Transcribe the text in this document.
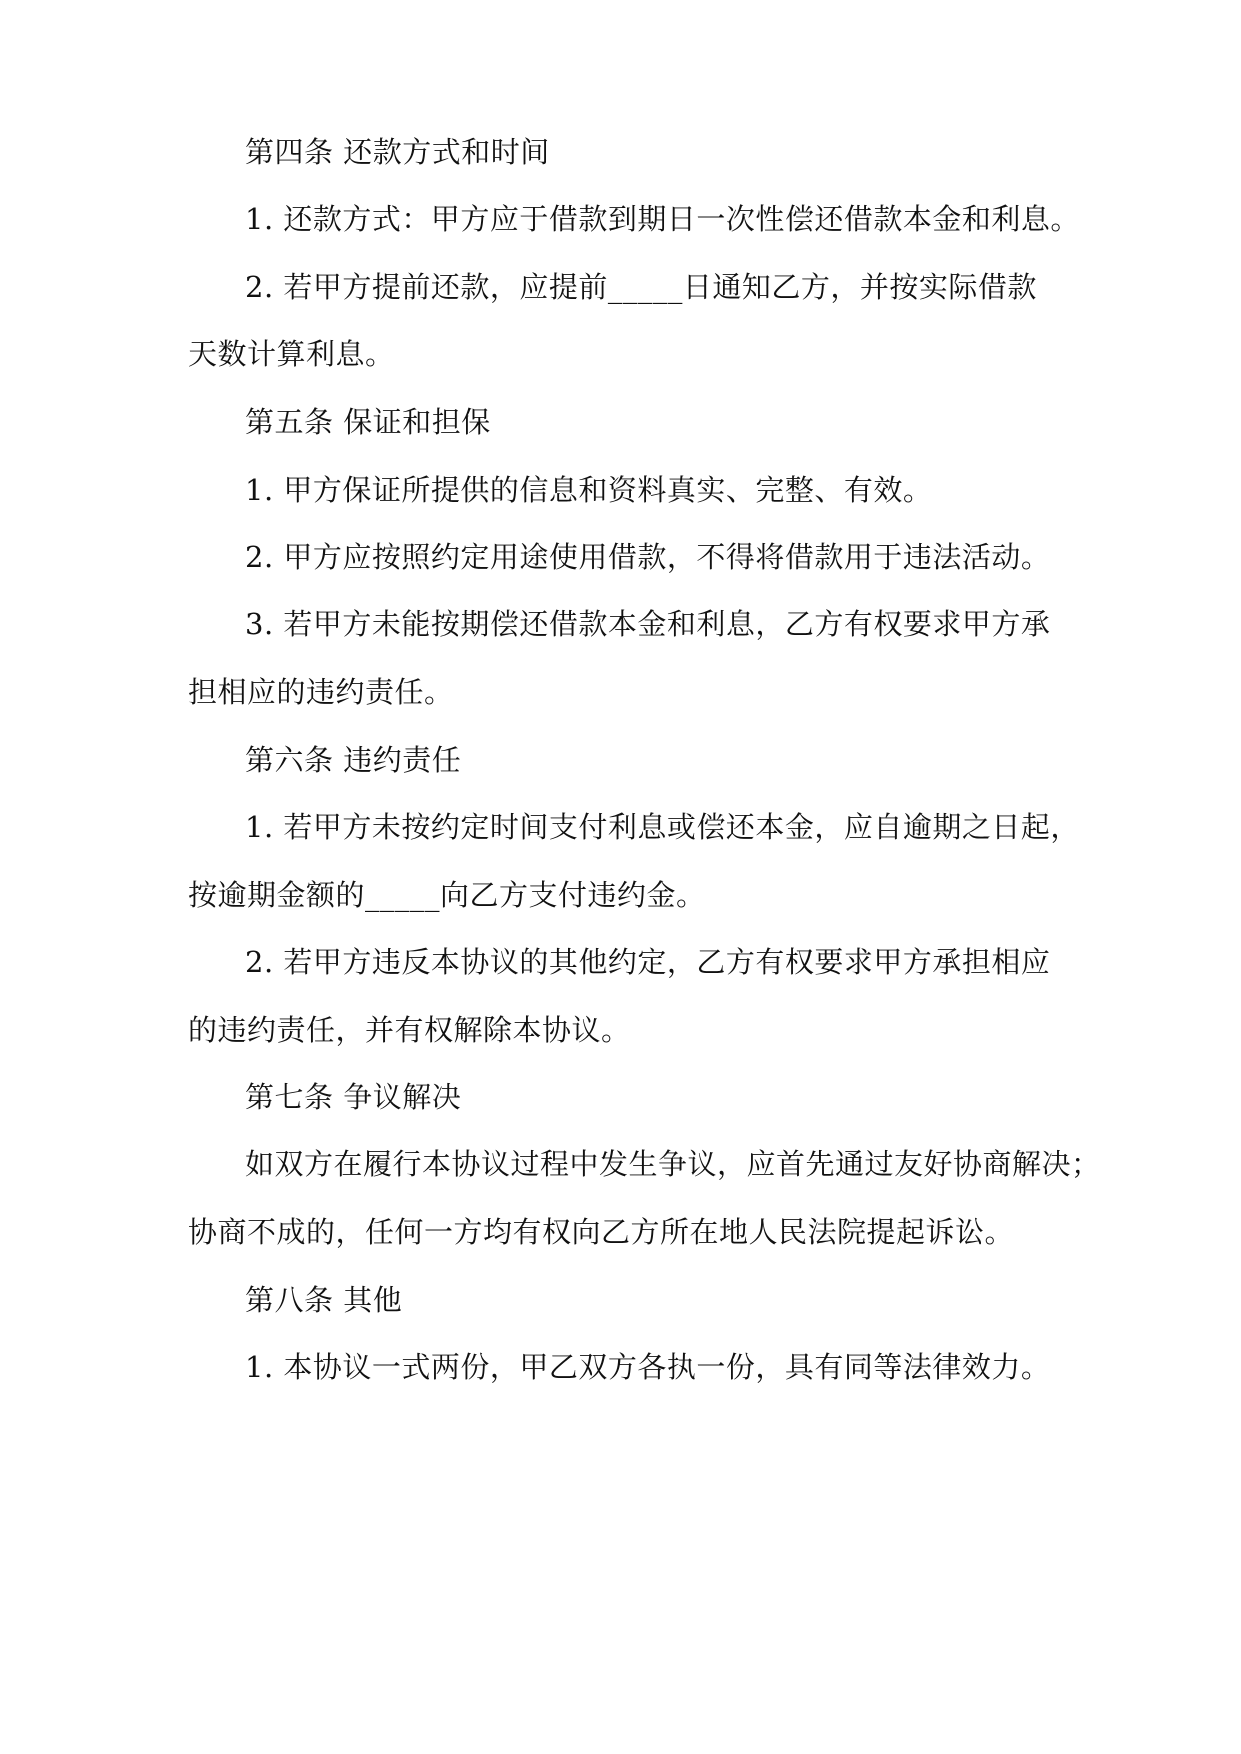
第四条 还款方式和时间
1. 还款方式：甲方应于借款到期日一次性偿还借款本金和利息。
2. 若甲方提前还款，应提前_____日通知乙方，并按实际借款
天数计算利息。
第五条 保证和担保
1. 甲方保证所提供的信息和资料真实、完整、有效。
2. 甲方应按照约定用途使用借款，不得将借款用于违法活动。
3. 若甲方未能按期偿还借款本金和利息，乙方有权要求甲方承
担相应的违约责任。
第六条 违约责任
1. 若甲方未按约定时间支付利息或偿还本金，应自逾期之日起，
按逾期金额的_____向乙方支付违约金。
2. 若甲方违反本协议的其他约定，乙方有权要求甲方承担相应
的违约责任，并有权解除本协议。
第七条 争议解决
如双方在履行本协议过程中发生争议，应首先通过友好协商解决；
协商不成的，任何一方均有权向乙方所在地人民法院提起诉讼。
第八条 其他
1. 本协议一式两份，甲乙双方各执一份，具有同等法律效力。
